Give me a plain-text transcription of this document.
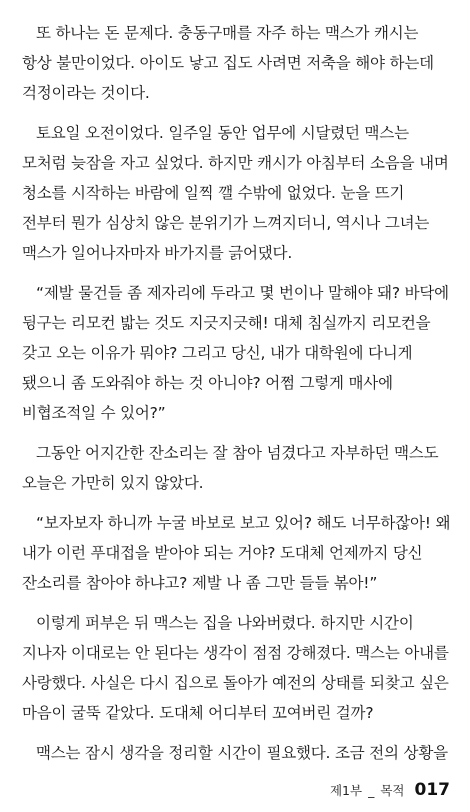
또 하나는 돈 문제다. 충동구매를 자주 하는 맥스가 캐시는 항상 불만이었다. 아이도 낳고 집도 사려면 저축을 해야 하는데 걱정이라는 것이다.

토요일 오전이었다. 일주일 동안 업무에 시달렸던 맥스는 모처럼 늦잠을 자고 싶었다. 하지만 캐시가 아침부터 소음을 내며 청소를 시작하는 바람에 일찍 깰 수밖에 없었다. 눈을 뜨기 전부터 뭔가 심상치 않은 분위기가 느껴지더니, 역시나 그녀는 맥스가 일어나자마자 바가지를 긁어댔다.

“제발 물건들 좀 제자리에 두라고 몇 번이나 말해야 돼? 바닥에 뒹구는 리모컨 밟는 것도 지긋지긋해! 대체 침실까지 리모컨을 갖고 오는 이유가 뭐야? 그리고 당신, 내가 대학원에 다니게 됐으니 좀 도와줘야 하는 것 아니야? 어쩜 그렇게 매사에 비협조적일 수 있어?”

그동안 어지간한 잔소리는 잘 참아 넘겼다고 자부하던 맥스도 오늘은 가만히 있지 않았다.

“보자보자 하니까 누굴 바보로 보고 있어? 해도 너무하잖아! 왜 내가 이런 푸대접을 받아야 되는 거야? 도대체 언제까지 당신 잔소리를 참아야 하냐고? 제발 나 좀 그만 들들 볶아!”

이렇게 퍼부은 뒤 맥스는 집을 나와버렸다. 하지만 시간이 지나자 이대로는 안 된다는 생각이 점점 강해졌다. 맥스는 아내를 사랑했다. 사실은 다시 집으로 돌아가 예전의 상태를 되찾고 싶은 마음이 굴뚝 같았다. 도대체 어디부터 꼬여버린 걸까?

맥스는 잠시 생각을 정리할 시간이 필요했다. 조금 전의 상황을

제1부 _ 목적 017
